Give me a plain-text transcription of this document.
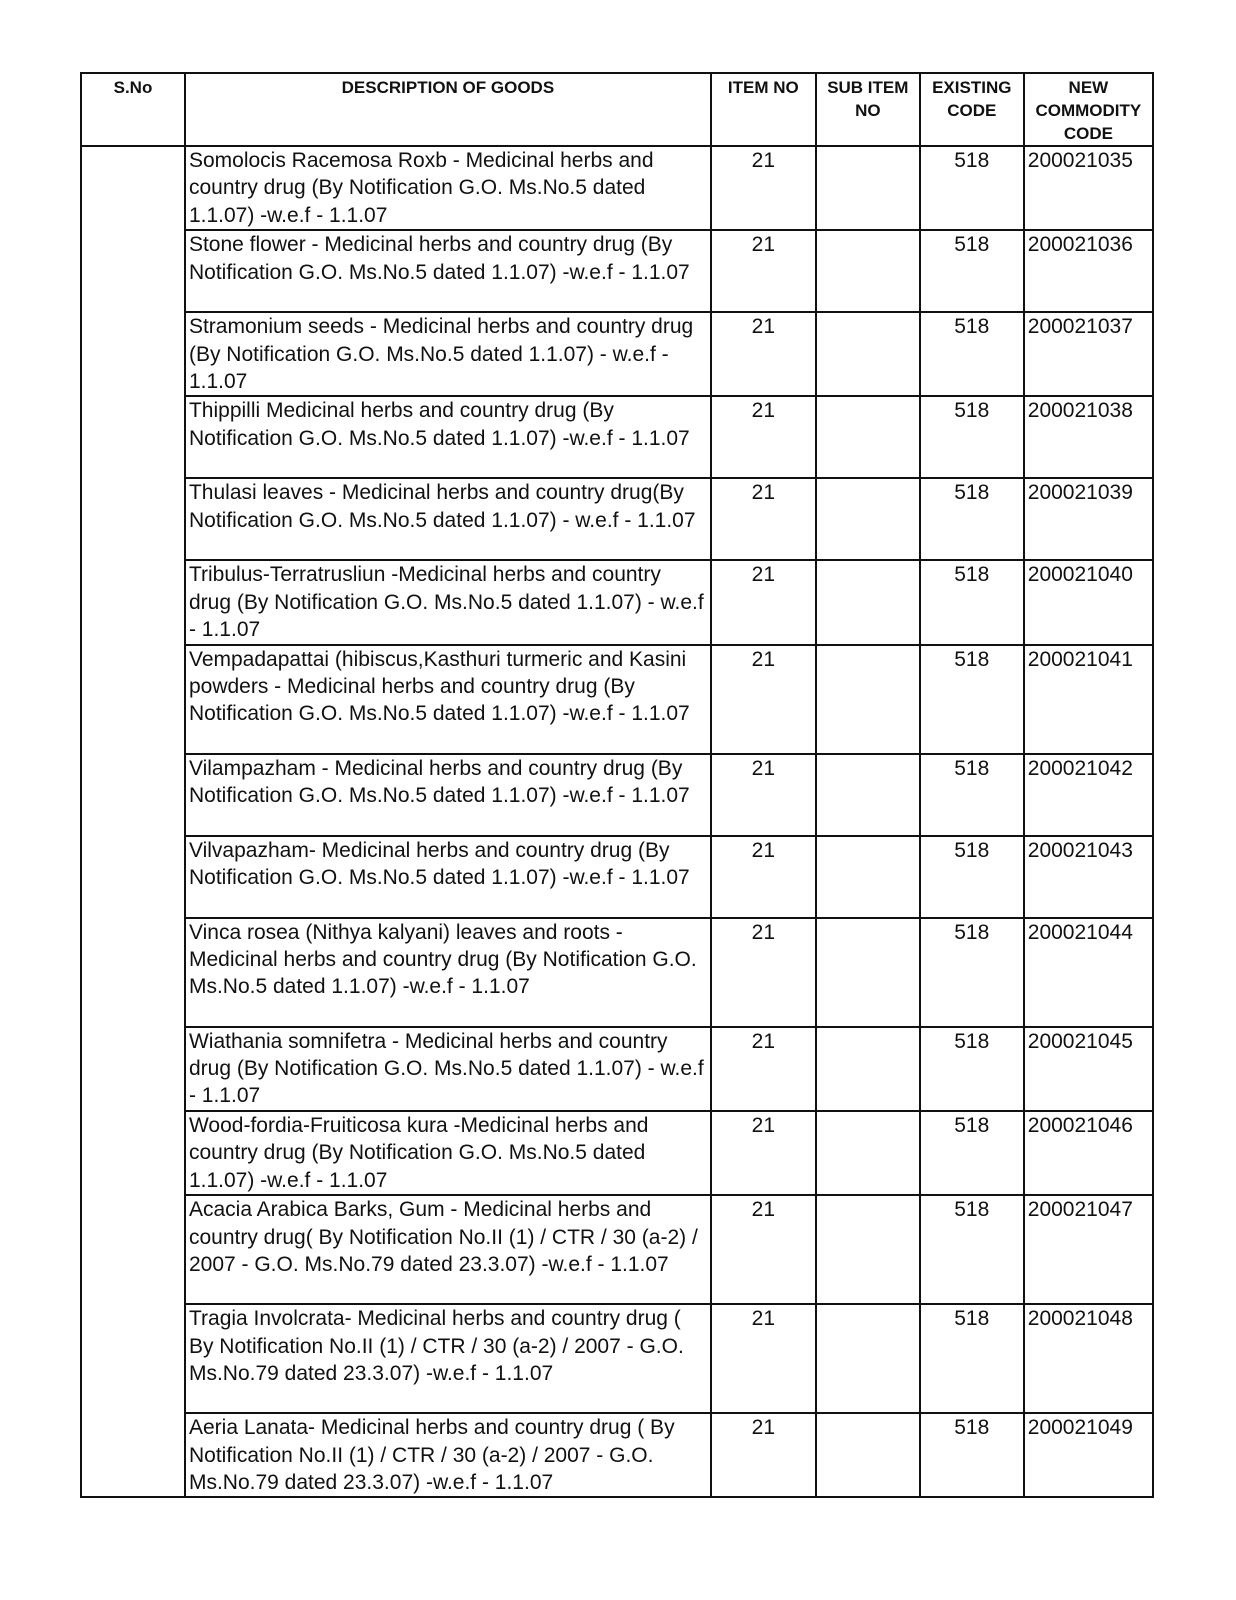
S.No	DESCRIPTION OF GOODS	ITEM NO	SUB ITEM NO	EXISTING CODE	NEW COMMODITY CODE
	Somolocis Racemosa Roxb - Medicinal herbs and country drug (By Notification G.O. Ms.No.5 dated 1.1.07) -w.e.f - 1.1.07	21		518	200021035
	Stone flower - Medicinal herbs and country drug (By Notification G.O. Ms.No.5 dated 1.1.07) -w.e.f - 1.1.07	21		518	200021036
	Stramonium seeds - Medicinal herbs and country drug (By Notification G.O. Ms.No.5 dated 1.1.07) - w.e.f - 1.1.07	21		518	200021037
	Thippilli Medicinal herbs and country drug (By Notification G.O. Ms.No.5 dated 1.1.07) -w.e.f - 1.1.07	21		518	200021038
	Thulasi leaves - Medicinal herbs and country drug(By Notification G.O. Ms.No.5 dated 1.1.07) - w.e.f - 1.1.07	21		518	200021039
	Tribulus-Terratrusliun -Medicinal herbs and country drug (By Notification G.O. Ms.No.5 dated 1.1.07) - w.e.f - 1.1.07	21		518	200021040
	Vempadapattai (hibiscus,Kasthuri turmeric and Kasini powders - Medicinal herbs and country drug (By Notification G.O. Ms.No.5 dated 1.1.07) -w.e.f - 1.1.07	21		518	200021041
	Vilampazham - Medicinal herbs and country drug (By Notification G.O. Ms.No.5 dated 1.1.07) -w.e.f - 1.1.07	21		518	200021042
	Vilvapazham- Medicinal herbs and country drug (By Notification G.O. Ms.No.5 dated 1.1.07) -w.e.f - 1.1.07	21		518	200021043
	Vinca rosea (Nithya kalyani) leaves and roots - Medicinal herbs and country drug (By Notification G.O. Ms.No.5 dated 1.1.07) -w.e.f - 1.1.07	21		518	200021044
	Wiathania somnifetra - Medicinal herbs and country drug (By Notification G.O. Ms.No.5 dated 1.1.07) - w.e.f - 1.1.07	21		518	200021045
	Wood-fordia-Fruiticosa kura -Medicinal herbs and country drug (By Notification G.O. Ms.No.5 dated 1.1.07) -w.e.f - 1.1.07	21		518	200021046
	Acacia Arabica Barks, Gum - Medicinal herbs and country drug( By Notification No.II (1) / CTR / 30 (a-2) / 2007 - G.O. Ms.No.79 dated 23.3.07) -w.e.f - 1.1.07	21		518	200021047
	Tragia Involcrata- Medicinal herbs and country drug ( By Notification No.II (1) / CTR / 30 (a-2) / 2007 - G.O. Ms.No.79 dated 23.3.07) -w.e.f - 1.1.07	21		518	200021048
	Aeria Lanata- Medicinal herbs and country drug ( By Notification No.II (1) / CTR / 30 (a-2) / 2007 - G.O. Ms.No.79 dated 23.3.07) -w.e.f - 1.1.07	21		518	200021049
